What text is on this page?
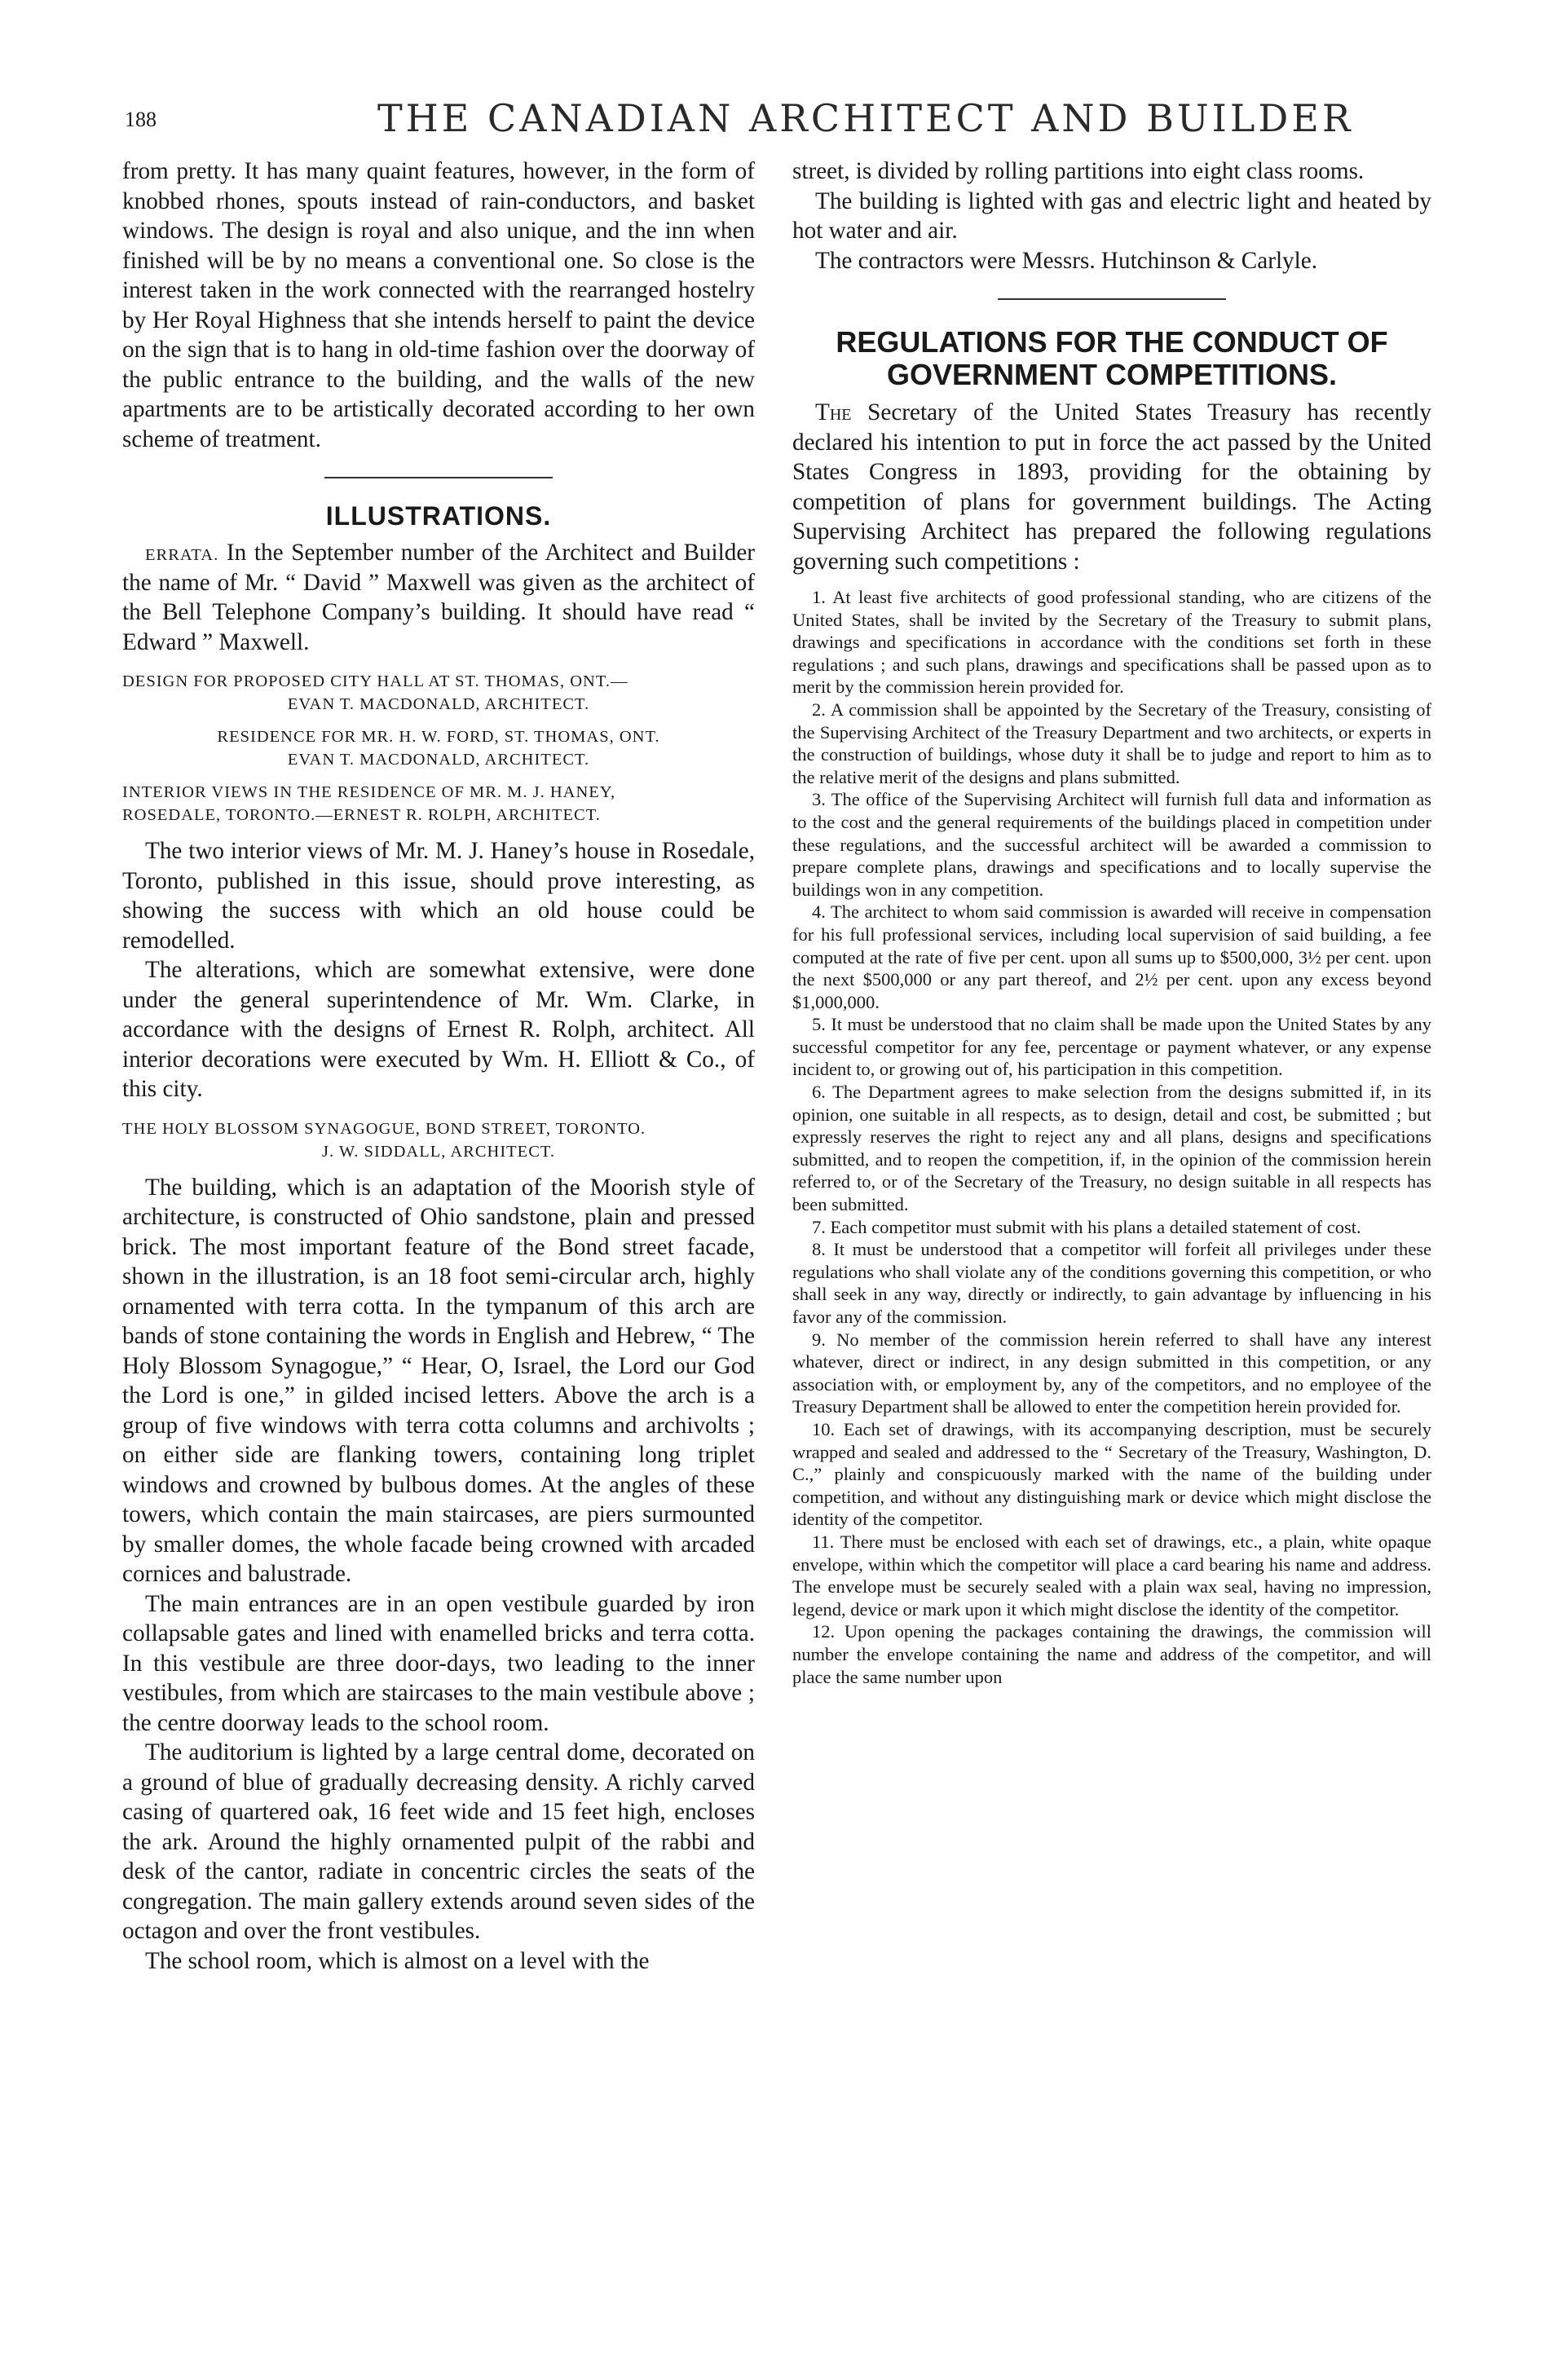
188	THE CANADIAN ARCHITECT AND BUILDER

from pretty. It has many quaint features, however, in the form of knobbed rhones, spouts instead of rain-conductors, and basket windows. The design is royal and also unique, and the inn when finished will be by no means a conventional one. So close is the interest taken in the work connected with the rearranged hostelry by Her Royal Highness that she intends herself to paint the device on the sign that is to hang in old-time fashion over the doorway of the public entrance to the building, and the walls of the new apartments are to be artistically decorated according to her own scheme of treatment.

ILLUSTRATIONS.

ERRATA. In the September number of the Architect and Builder the name of Mr. “ David ” Maxwell was given as the architect of the Bell Telephone Company’s building. It should have read “ Edward ” Maxwell.

DESIGN FOR PROPOSED CITY HALL AT ST. THOMAS, ONT.—
EVAN T. MACDONALD, ARCHITECT.
RESIDENCE FOR MR. H. W. FORD, ST. THOMAS, ONT.
EVAN T. MACDONALD, ARCHITECT.
INTERIOR VIEWS IN THE RESIDENCE OF MR. M. J. HANEY,
ROSEDALE, TORONTO.—ERNEST R. ROLPH, ARCHITECT.

The two interior views of Mr. M. J. Haney’s house in Rosedale, Toronto, published in this issue, should prove interesting, as showing the success with which an old house could be remodelled.

The alterations, which are somewhat extensive, were done under the general superintendence of Mr. Wm. Clarke, in accordance with the designs of Ernest R. Rolph, architect. All interior decorations were executed by Wm. H. Elliott & Co., of this city.

THE HOLY BLOSSOM SYNAGOGUE, BOND STREET, TORONTO.
J. W. SIDDALL, ARCHITECT.

The building, which is an adaptation of the Moorish style of architecture, is constructed of Ohio sandstone, plain and pressed brick. The most important feature of the Bond street facade, shown in the illustration, is an 18 foot semi-circular arch, highly ornamented with terra cotta. In the tympanum of this arch are bands of stone containing the words in English and Hebrew, “ The Holy Blossom Synagogue,” “ Hear, O, Israel, the Lord our God the Lord is one,” in gilded incised letters. Above the arch is a group of five windows with terra cotta columns and archivolts ; on either side are flanking towers, containing long triplet windows and crowned by bulbous domes. At the angles of these towers, which contain the main staircases, are piers surmounted by smaller domes, the whole facade being crowned with arcaded cornices and balustrade.

The main entrances are in an open vestibule guarded by iron collapsable gates and lined with enamelled bricks and terra cotta. In this vestibule are three door-days, two leading to the inner vestibules, from which are staircases to the main vestibule above ; the centre doorway leads to the school room.

The auditorium is lighted by a large central dome, decorated on a ground of blue of gradually decreasing density. A richly carved casing of quartered oak, 16 feet wide and 15 feet high, encloses the ark. Around the highly ornamented pulpit of the rabbi and desk of the cantor, radiate in concentric circles the seats of the congregation. The main gallery extends around seven sides of the octagon and over the front vestibules.

The school room, which is almost on a level with the

street, is divided by rolling partitions into eight class rooms.

The building is lighted with gas and electric light and heated by hot water and air.

The contractors were Messrs. Hutchinson & Carlyle.

REGULATIONS FOR THE CONDUCT OF GOVERNMENT COMPETITIONS.

The Secretary of the United States Treasury has recently declared his intention to put in force the act passed by the United States Congress in 1893, providing for the obtaining by competition of plans for government buildings. The Acting Supervising Architect has prepared the following regulations governing such competitions :

1. At least five architects of good professional standing, who are citizens of the United States, shall be invited by the Secretary of the Treasury to submit plans, drawings and specifications in accordance with the conditions set forth in these regulations ; and such plans, drawings and specifications shall be passed upon as to merit by the commission herein provided for.

2. A commission shall be appointed by the Secretary of the Treasury, consisting of the Supervising Architect of the Treasury Department and two architects, or experts in the construction of buildings, whose duty it shall be to judge and report to him as to the relative merit of the designs and plans submitted.

3. The office of the Supervising Architect will furnish full data and information as to the cost and the general requirements of the buildings placed in competition under these regulations, and the successful architect will be awarded a commission to prepare complete plans, drawings and specifications and to locally supervise the buildings won in any competition.

4. The architect to whom said commission is awarded will receive in compensation for his full professional services, including local supervision of said building, a fee computed at the rate of five per cent. upon all sums up to $500,000, 3½ per cent. upon the next $500,000 or any part thereof, and 2½ per cent. upon any excess beyond $1,000,000.

5. It must be understood that no claim shall be made upon the United States by any successful competitor for any fee, percentage or payment whatever, or any expense incident to, or growing out of, his participation in this competition.

6. The Department agrees to make selection from the designs submitted if, in its opinion, one suitable in all respects, as to design, detail and cost, be submitted ; but expressly reserves the right to reject any and all plans, designs and specifications submitted, and to reopen the competition, if, in the opinion of the commission herein referred to, or of the Secretary of the Treasury, no design suitable in all respects has been submitted.

7. Each competitor must submit with his plans a detailed statement of cost.

8. It must be understood that a competitor will forfeit all privileges under these regulations who shall violate any of the conditions governing this competition, or who shall seek in any way, directly or indirectly, to gain advantage by influencing in his favor any of the commission.

9. No member of the commission herein referred to shall have any interest whatever, direct or indirect, in any design submitted in this competition, or any association with, or employment by, any of the competitors, and no employee of the Treasury Department shall be allowed to enter the competition herein provided for.

10. Each set of drawings, with its accompanying description, must be securely wrapped and sealed and addressed to the “ Secretary of the Treasury, Washington, D. C.,” plainly and conspicuously marked with the name of the building under competition, and without any distinguishing mark or device which might disclose the identity of the competitor.

11. There must be enclosed with each set of drawings, etc., a plain, white opaque envelope, within which the competitor will place a card bearing his name and address. The envelope must be securely sealed with a plain wax seal, having no impression, legend, device or mark upon it which might disclose the identity of the competitor.

12. Upon opening the packages containing the drawings, the commission will number the envelope containing the name and address of the competitor, and will place the same number upon
